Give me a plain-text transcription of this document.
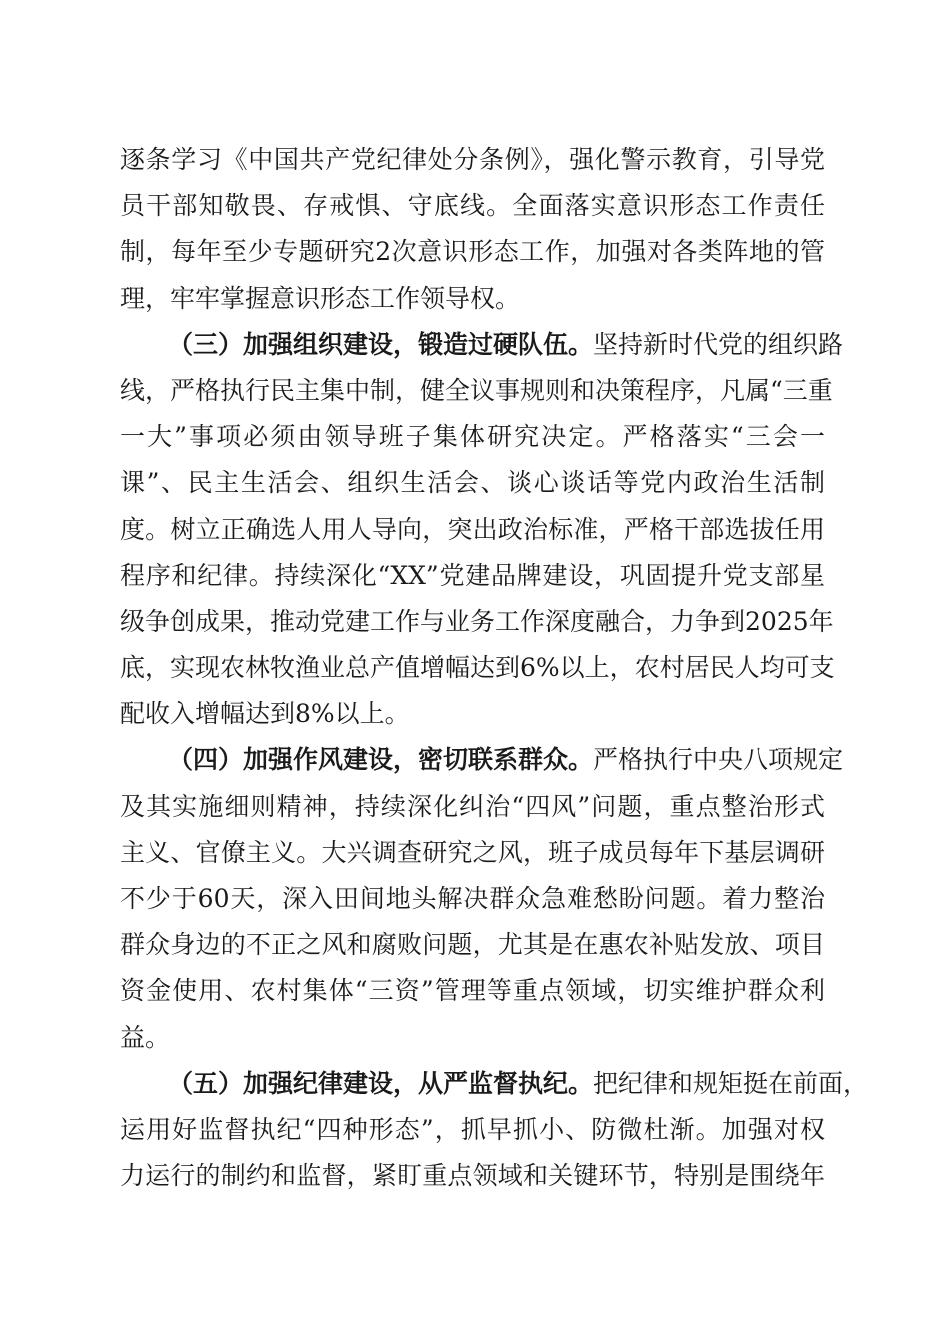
逐条学习《中国共产党纪律处分条例》，强化警示教育，引导党
员干部知敬畏、存戒惧、守底线。全面落实意识形态工作责任
制，每年至少专题研究2次意识形态工作，加强对各类阵地的管
理，牢牢掌握意识形态工作领导权。
（三）加强组织建设，锻造过硬队伍。坚持新时代党的组织路
线，严格执行民主集中制，健全议事规则和决策程序，凡属“三重
一大”事项必须由领导班子集体研究决定。严格落实“三会一
课”、民主生活会、组织生活会、谈心谈话等党内政治生活制
度。树立正确选人用人导向，突出政治标准，严格干部选拔任用
程序和纪律。持续深化“XX”党建品牌建设，巩固提升党支部星
级争创成果，推动党建工作与业务工作深度融合，力争到2025年
底，实现农林牧渔业总产值增幅达到6%以上，农村居民人均可支
配收入增幅达到8%以上。
（四）加强作风建设，密切联系群众。严格执行中央八项规定
及其实施细则精神，持续深化纠治“四风”问题，重点整治形式
主义、官僚主义。大兴调查研究之风，班子成员每年下基层调研
不少于60天，深入田间地头解决群众急难愁盼问题。着力整治
群众身边的不正之风和腐败问题，尤其是在惠农补贴发放、项目
资金使用、农村集体“三资”管理等重点领域，切实维护群众利
益。
（五）加强纪律建设，从严监督执纪。把纪律和规矩挺在前面，
运用好监督执纪“四种形态”，抓早抓小、防微杜渐。加强对权
力运行的制约和监督，紧盯重点领域和关键环节，特别是围绕年
